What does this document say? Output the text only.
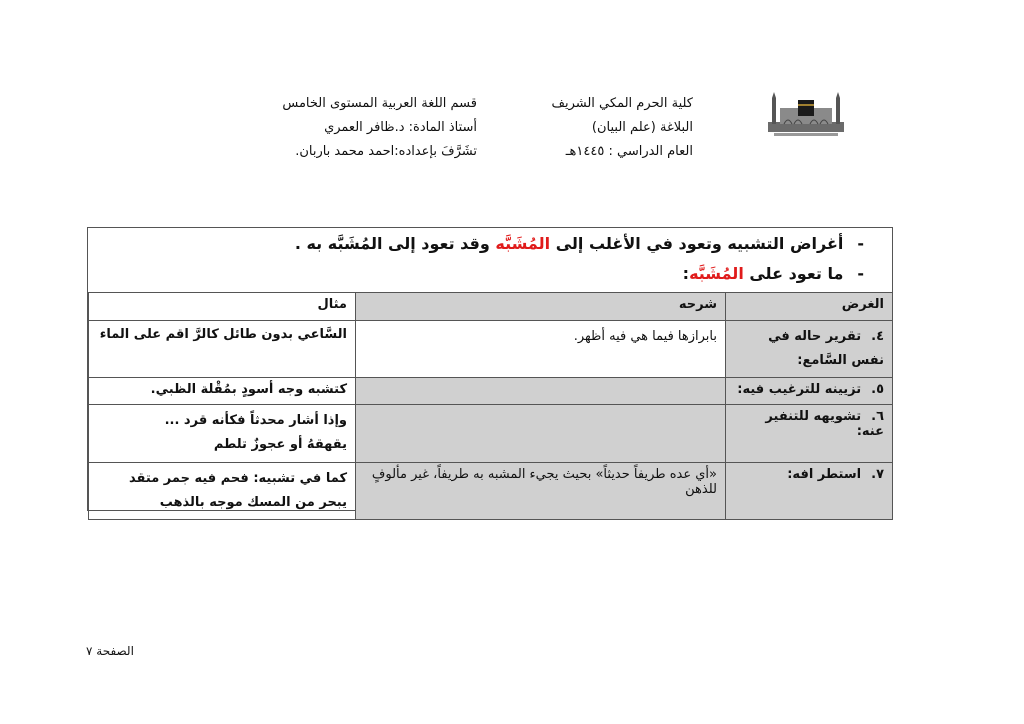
كلية الحرم المكي الشريف
البلاغة (علم البيان)
العام الدراسي : ١٤٤٥هـ
قسم اللغة العربية المستوى الخامس
أستاذ المادة: د.ظافر العمري
تشَرَّفَ بإعداده:احمد محمد باربان.
-أغراض التشبيه وتعود في الأغلب إلى المُشَبَّه وقد تعود إلى المُشَبَّه به .
-ما تعود على المُشَبَّه:
الغرض	شرحه	مثال
٤.تقرير حاله في نفس السَّامع:	بابرازها فيما هي فيه أظهر.	السَّاعي بدون طائل كالرَّ اقم على الماء
٥.تزيينه للترغيب فيه:		كتشبه وجه أسودٍ بمُقْلة الظبي.
٦.تشويهه للتنفير عنه:		وإذا أشار محدثاً فكأنه قرد ...
يقهقهُ أو عجوزٌ تلطم

٧.استطر افه:	«أي عده طريفاً حديثاً» بحيث يجيء المشبه به طريفاً، غير مألوفٍ للذهن	كما في تشبيه: فحم فيه جمر متقد يبحر من المسك موجه بالذهب
الصفحة ٧
